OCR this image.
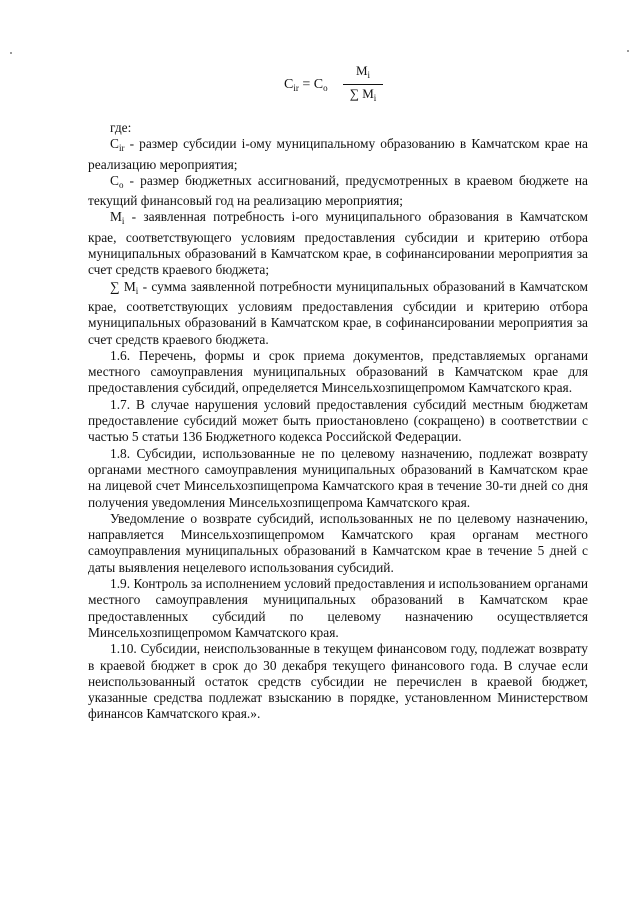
$C_{ir} = C_o$
$M_i$
∑ $M_i$

где:

$C_{ir}$ - размер субсидии i-ому муниципальному образованию в Камчатском крае на реализацию мероприятия;

$C_o$ - размер бюджетных ассигнований, предусмотренных в краевом бюджете на текущий финансовый год на реализацию мероприятия;

$M_i$ - заявленная потребность i-ого муниципального образования в Камчатском крае, соответствующего условиям предоставления субсидии и критерию отбора муниципальных образований в Камчатском крае, в софинансировании мероприятия за счет средств краевого бюджета;

∑ $M_i$ - сумма заявленной потребности муниципальных образований в Камчатском крае, соответствующих условиям предоставления субсидии и критерию отбора муниципальных образований в Камчатском крае, в софинансировании мероприятия за счет средств краевого бюджета.

1.6. Перечень, формы и срок приема документов, представляемых органами местного самоуправления муниципальных образований в Камчатском крае для предоставления субсидий, определяется Минсельхозпищепромом Камчатского края.

1.7. В случае нарушения условий предоставления субсидий местным бюджетам предоставление субсидий может быть приостановлено (сокращено) в соответствии с частью 5 статьи 136 Бюджетного кодекса Российской Федерации.

1.8. Субсидии, использованные не по целевому назначению, подлежат возврату органами местного самоуправления муниципальных образований в Камчатском крае на лицевой счет Минсельхозпищепрома Камчатского края в течение 30-ти дней со дня получения уведомления Минсельхозпищепрома Камчатского края.

Уведомление о возврате субсидий, использованных не по целевому назначению, направляется Минсельхозпищепромом Камчатского края органам местного самоуправления муниципальных образований в Камчатском крае в течение 5 дней с даты выявления нецелевого использования субсидий.

1.9. Контроль за исполнением условий предоставления и использованием органами местного самоуправления муниципальных образований в Камчатском крае предоставленных субсидий по целевому назначению осуществляется Минсельхозпищепромом Камчатского края.

1.10. Субсидии, неиспользованные в текущем финансовом году, подлежат возврату в краевой бюджет в срок до 30 декабря текущего финансового года. В случае если неиспользованный остаток средств субсидии не перечислен в краевой бюджет, указанные средства подлежат взысканию в порядке, установленном Министерством финансов Камчатского края.».
